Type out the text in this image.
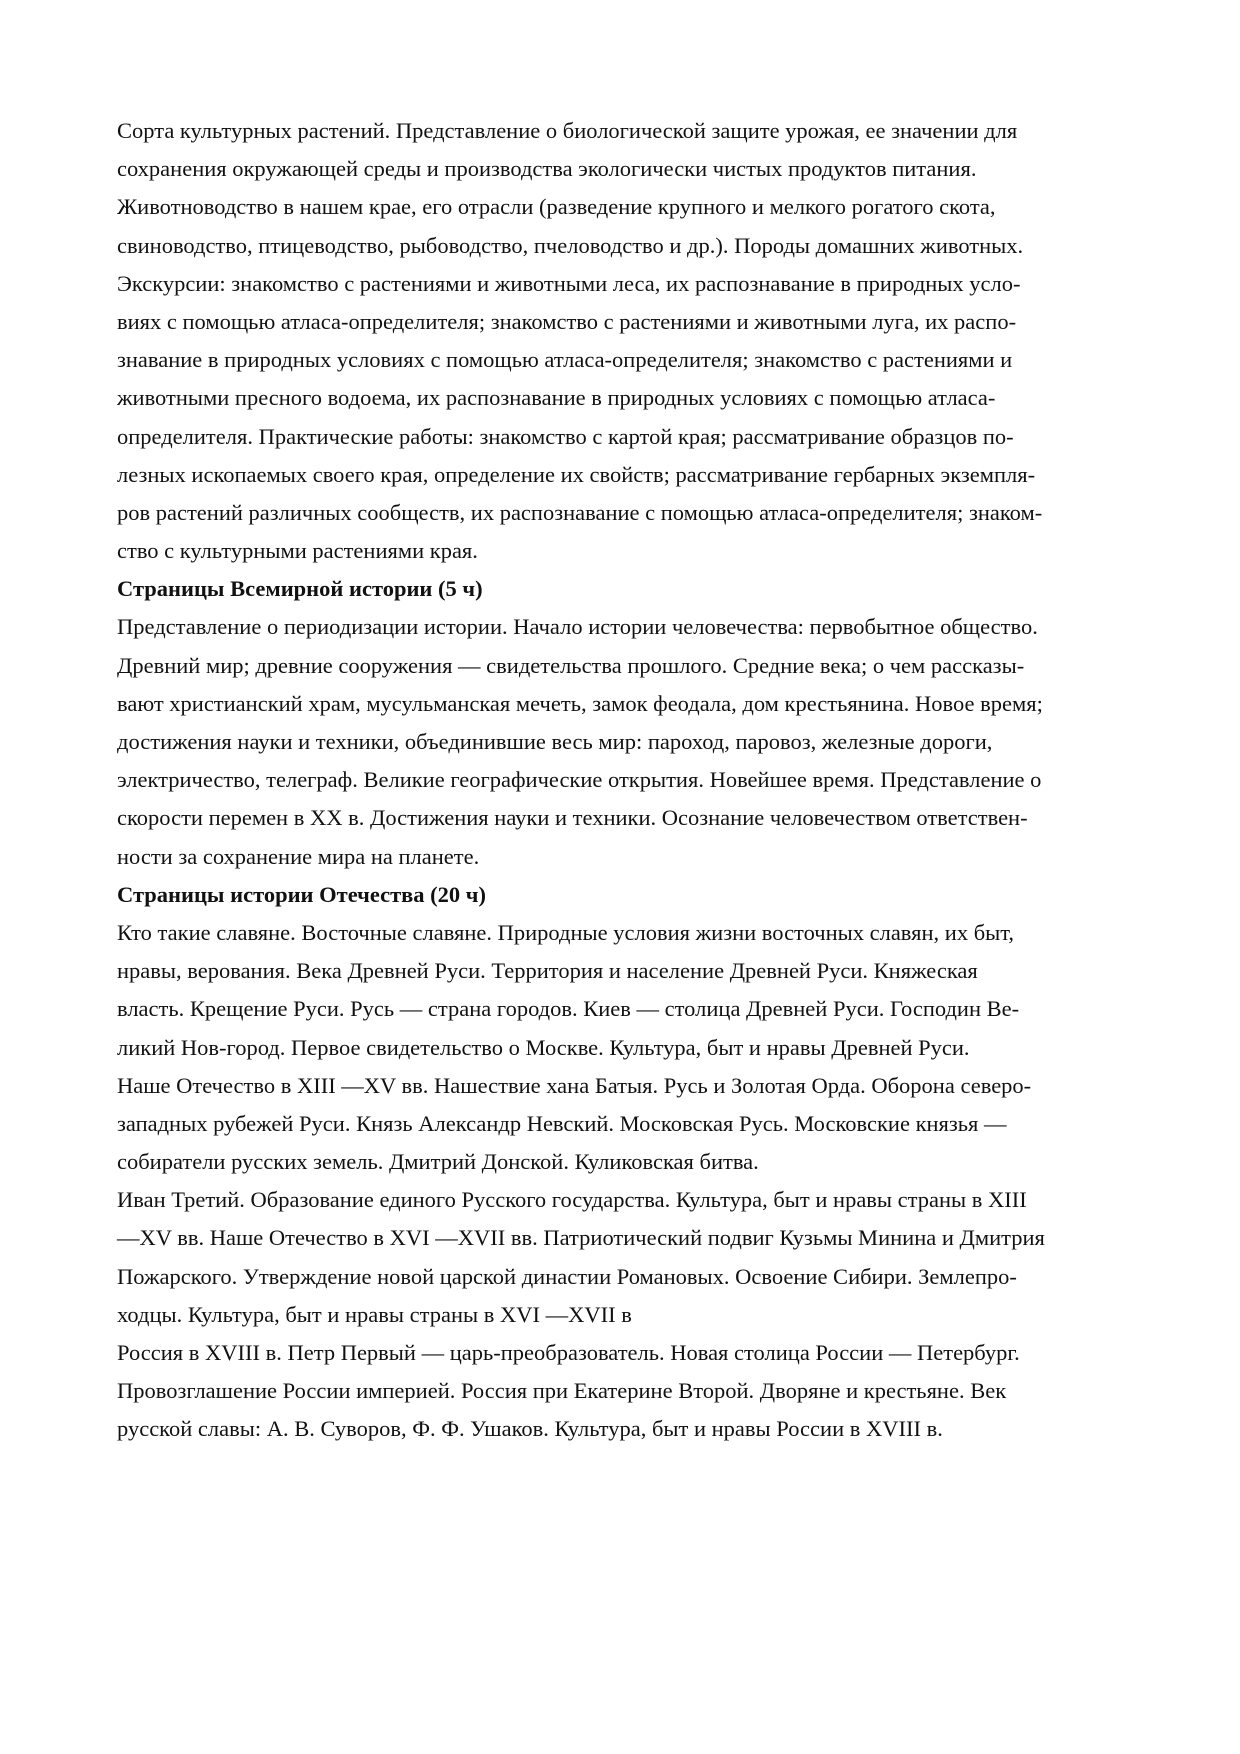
Сорта культурных растений. Представление о биологической защите урожая, ее значении для
сохранения окружающей среды и производства экологически чистых продуктов питания.
Животноводство в нашем крае, его отрасли (разведение крупного и мелкого рогатого скота,
свиноводство, птицеводство, рыбоводство, пчеловодство и др.). Породы домашних животных.
Экскурсии: знакомство с растениями и животными леса, их распознавание в природных усло-
виях с помощью атласа-определителя; знакомство с растениями и животными луга, их распо-
знавание в природных условиях с помощью атласа-определителя; знакомство с растениями и
животными пресного водоема, их распознавание в природных условиях с помощью атласа-
определителя. Практические работы: знакомство с картой края; рассматривание образцов по-
лезных ископаемых своего края, определение их свойств; рассматривание гербарных экземпля-
ров растений различных сообществ, их распознавание с помощью атласа-определителя; знаком-
ство с культурными растениями края.
Страницы Всемирной истории (5 ч)
Представление о периодизации истории. Начало истории человечества: первобытное общество.
Древний мир; древние сооружения — свидетельства прошлого. Средние века; о чем рассказы-
вают христианский храм, мусульманская мечеть, замок феодала, дом крестьянина. Новое время;
достижения науки и техники, объединившие весь мир: пароход, паровоз, железные дороги,
электричество, телеграф. Великие географические открытия. Новейшее время. Представление о
скорости перемен в XX в. Достижения науки и техники. Осознание человечеством ответствен-
ности за сохранение мира на планете.
Страницы истории Отечества (20 ч)
Кто такие славяне. Восточные славяне. Природные условия жизни восточных славян, их быт,
нравы, верования. Века Древней Руси. Территория и население Древней Руси. Княжеская
власть. Крещение Руси. Русь — страна городов. Киев — столица Древней Руси. Господин Ве-
ликий Нов-город. Первое свидетельство о Москве. Культура, быт и нравы Древней Руси.
Наше Отечество в XIII —XV вв. Нашествие хана Батыя. Русь и Золотая Орда. Оборона северо-
западных рубежей Руси. Князь Александр Невский. Московская Русь. Московские князья —
собиратели русских земель. Дмитрий Донской. Куликовская битва.
Иван Третий. Образование единого Русского государства. Культура, быт и нравы страны в XIII
—XV вв. Наше Отечество в XVI —XVII вв. Патриотический подвиг Кузьмы Минина и Дмитрия
Пожарского. Утверждение новой царской династии Романовых. Освоение Сибири. Землепро-
ходцы. Культура, быт и нравы страны в XVI —XVII в
Россия в XVIII в. Петр Первый — царь-преобразователь. Новая столица России — Петербург.
Провозглашение России империей. Россия при Екатерине Второй. Дворяне и крестьяне. Век
русской славы: А. В. Суворов, Ф. Ф. Ушаков. Культура, быт и нравы России в XVIII в.
